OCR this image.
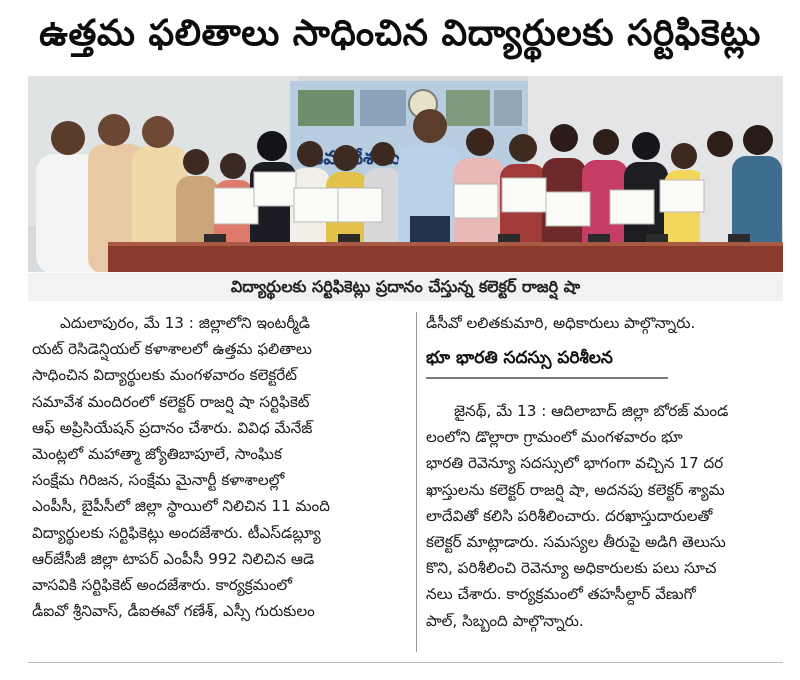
ఉత్తమ ఫలితాలు సాధించిన విద్యార్థులకు సర్టిఫికెట్లు
విద్యార్థులకు సర్టిఫికెట్లు ప్రదానం చేస్తున్న కలెక్టర్ రాజర్షి షా

ఎదులాపురం, మే 13 : జిల్లాలోని ఇంటర్మీడి

యట్ రెసిడెన్షియల్ కళాశాలలో ఉత్తమ ఫలితాలు

సాధించిన విద్యార్థులకు మంగళవారం కలెక్టరేట్

సమావేశ మందిరంలో కలెక్టర్ రాజర్షి షా సర్టిఫికెట్

ఆఫ్ అప్రిసియేషన్ ప్రదానం చేశారు. వివిధ మేనేజ్

మెంట్లలో మహాత్మా జ్యోతిబాపూలే, సాంఘిక

సంక్షేమ గిరిజన, సంక్షేమ మైనార్టీ కళాశాలల్లో

ఎంపీసీ, బైపీసీలో జిల్లా స్థాయిలో నిలిచిన 11 మంది

విద్యార్థులకు సర్టిఫికెట్లు అందజేశారు. టీఎస్‌డబ్ల్యూ

ఆర్‌జేసీజీ జిల్లా టాపర్ ఎంపీసీ 992 నిలిచిన ఆడె

వాసవికి సర్టిఫికెట్ అందజేశారు. కార్యక్రమంలో

డీఐవో శ్రీనివాస్, డీఐఈవో గణేశ్, ఎస్సీ గురుకులం

డీసీవో లలితకుమారి, అధికారులు పాల్గొన్నారు.

భూ భారతి సదస్సు పరిశీలన

జైనథ్, మే 13 : ఆదిలాబాద్ జిల్లా బోరజ్ మండ

లంలోని డొల్లారా గ్రామంలో మంగళవారం భూ

భారతి రెవెన్యూ సదస్సులో భాగంగా వచ్చిన 17 దర

ఖాస్తులను కలెక్టర్ రాజర్షి షా, అదనపు కలెక్టర్ శ్యామ

లాదేవితో కలిసి పరిశీలించారు. దరఖాస్తుదారులతో

కలెక్టర్ మాట్లాడారు. సమస్యల తీరుపై అడిగి తెలుసు

కొని, పరిశీలించి రెవెన్యూ అధికారులకు పలు సూచ

నలు చేశారు. కార్యక్రమంలో తహసీల్దార్ వేణుగో

పాల్, సిబ్బంది పాల్గొన్నారు.
